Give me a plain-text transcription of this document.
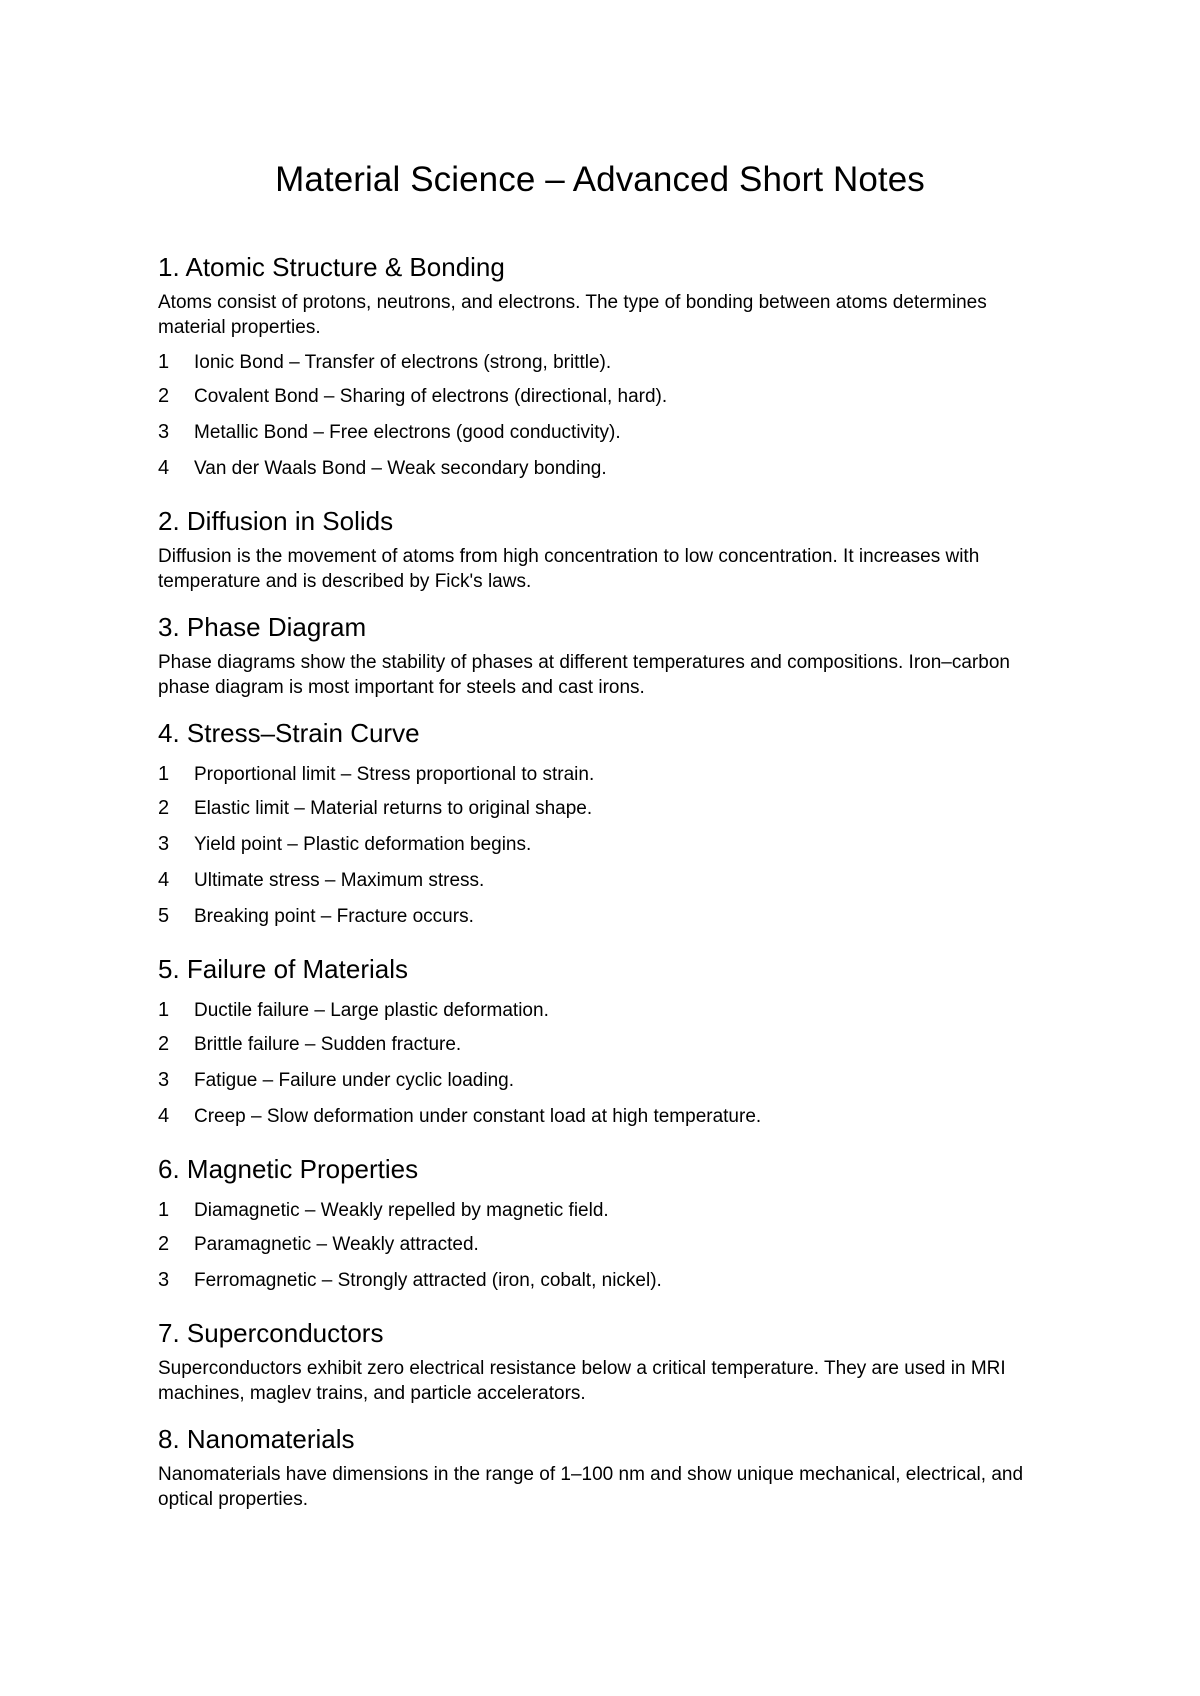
Material Science – Advanced Short Notes
1. Atomic Structure & Bonding

Atoms consist of protons, neutrons, and electrons. The type of bonding between atoms determines material properties.

1	Ionic Bond – Transfer of electrons (strong, brittle).
2	Covalent Bond – Sharing of electrons (directional, hard).
3	Metallic Bond – Free electrons (good conductivity).
4	Van der Waals Bond – Weak secondary bonding.
2. Diffusion in Solids

Diffusion is the movement of atoms from high concentration to low concentration. It increases with temperature and is described by Fick's laws.

3. Phase Diagram

Phase diagrams show the stability of phases at different temperatures and compositions. Iron–carbon phase diagram is most important for steels and cast irons.

4. Stress–Strain Curve
1	Proportional limit – Stress proportional to strain.
2	Elastic limit – Material returns to original shape.
3	Yield point – Plastic deformation begins.
4	Ultimate stress – Maximum stress.
5	Breaking point – Fracture occurs.
5. Failure of Materials
1	Ductile failure – Large plastic deformation.
2	Brittle failure – Sudden fracture.
3	Fatigue – Failure under cyclic loading.
4	Creep – Slow deformation under constant load at high temperature.
6. Magnetic Properties
1	Diamagnetic – Weakly repelled by magnetic field.
2	Paramagnetic – Weakly attracted.
3	Ferromagnetic – Strongly attracted (iron, cobalt, nickel).
7. Superconductors

Superconductors exhibit zero electrical resistance below a critical temperature. They are used in MRI machines, maglev trains, and particle accelerators.

8. Nanomaterials

Nanomaterials have dimensions in the range of 1–100 nm and show unique mechanical, electrical, and optical properties.
